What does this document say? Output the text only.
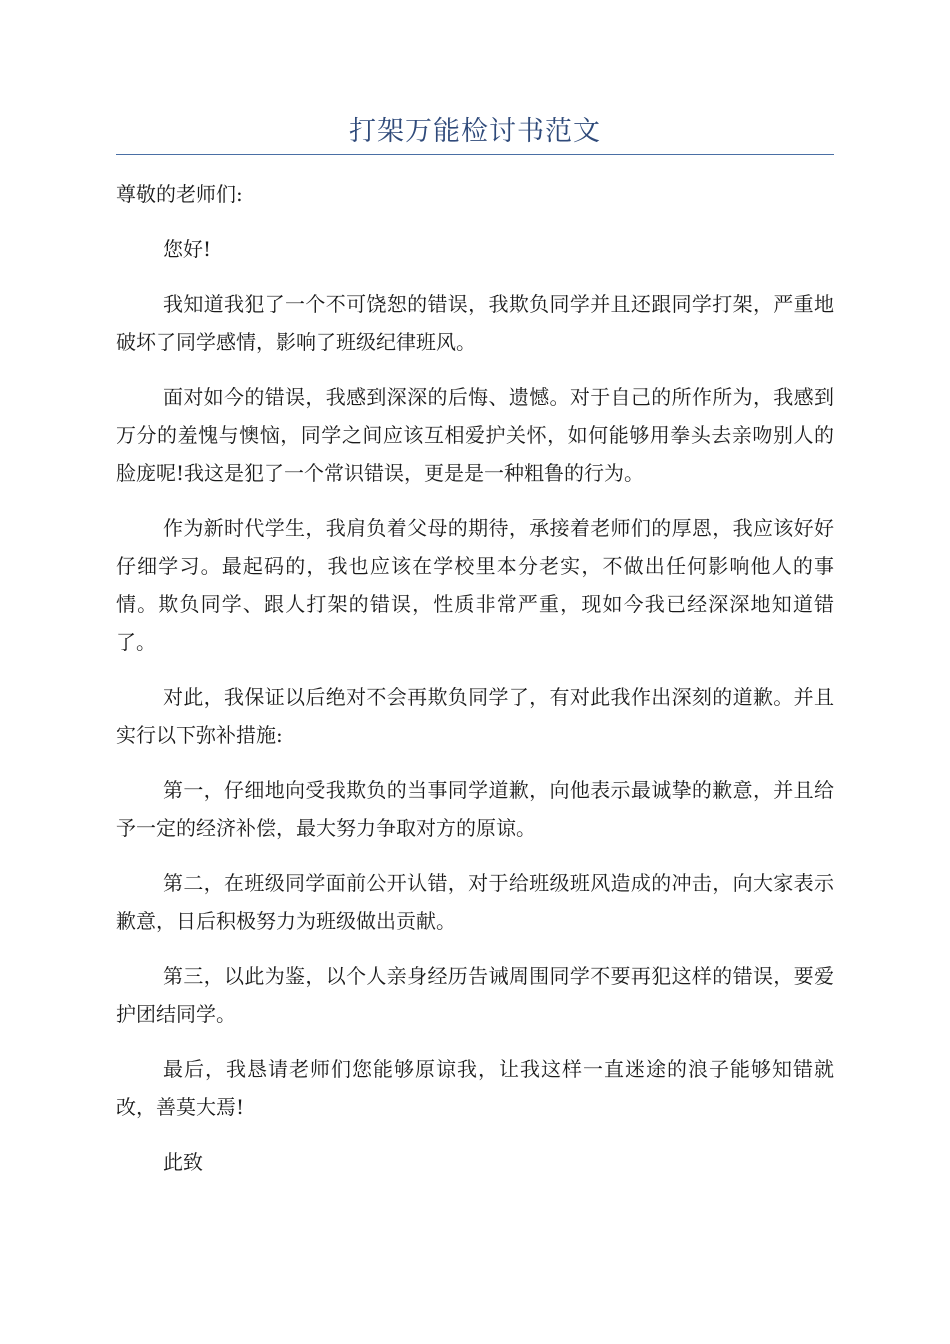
打架万能检讨书范文

尊敬的老师们:

您好!

我知道我犯了一个不可饶恕的错误，我欺负同学并且还跟同学打架，严重地破坏了同学感情，影响了班级纪律班风。

面对如今的错误，我感到深深的后悔、遗憾。对于自己的所作所为，我感到万分的羞愧与懊恼，同学之间应该互相爱护关怀，如何能够用拳头去亲吻别人的脸庞呢!我这是犯了一个常识错误，更是是一种粗鲁的行为。

作为新时代学生，我肩负着父母的期待，承接着老师们的厚恩，我应该好好仔细学习。最起码的，我也应该在学校里本分老实，不做出任何影响他人的事情。欺负同学、跟人打架的错误，性质非常严重，现如今我已经深深地知道错了。

对此，我保证以后绝对不会再欺负同学了，有对此我作出深刻的道歉。并且实行以下弥补措施:

第一，仔细地向受我欺负的当事同学道歉，向他表示最诚挚的歉意，并且给予一定的经济补偿，最大努力争取对方的原谅。

第二，在班级同学面前公开认错，对于给班级班风造成的冲击，向大家表示歉意，日后积极努力为班级做出贡献。

第三，以此为鉴，以个人亲身经历告诫周围同学不要再犯这样的错误，要爱护团结同学。

最后，我恳请老师们您能够原谅我，让我这样一直迷途的浪子能够知错就改，善莫大焉!

此致
